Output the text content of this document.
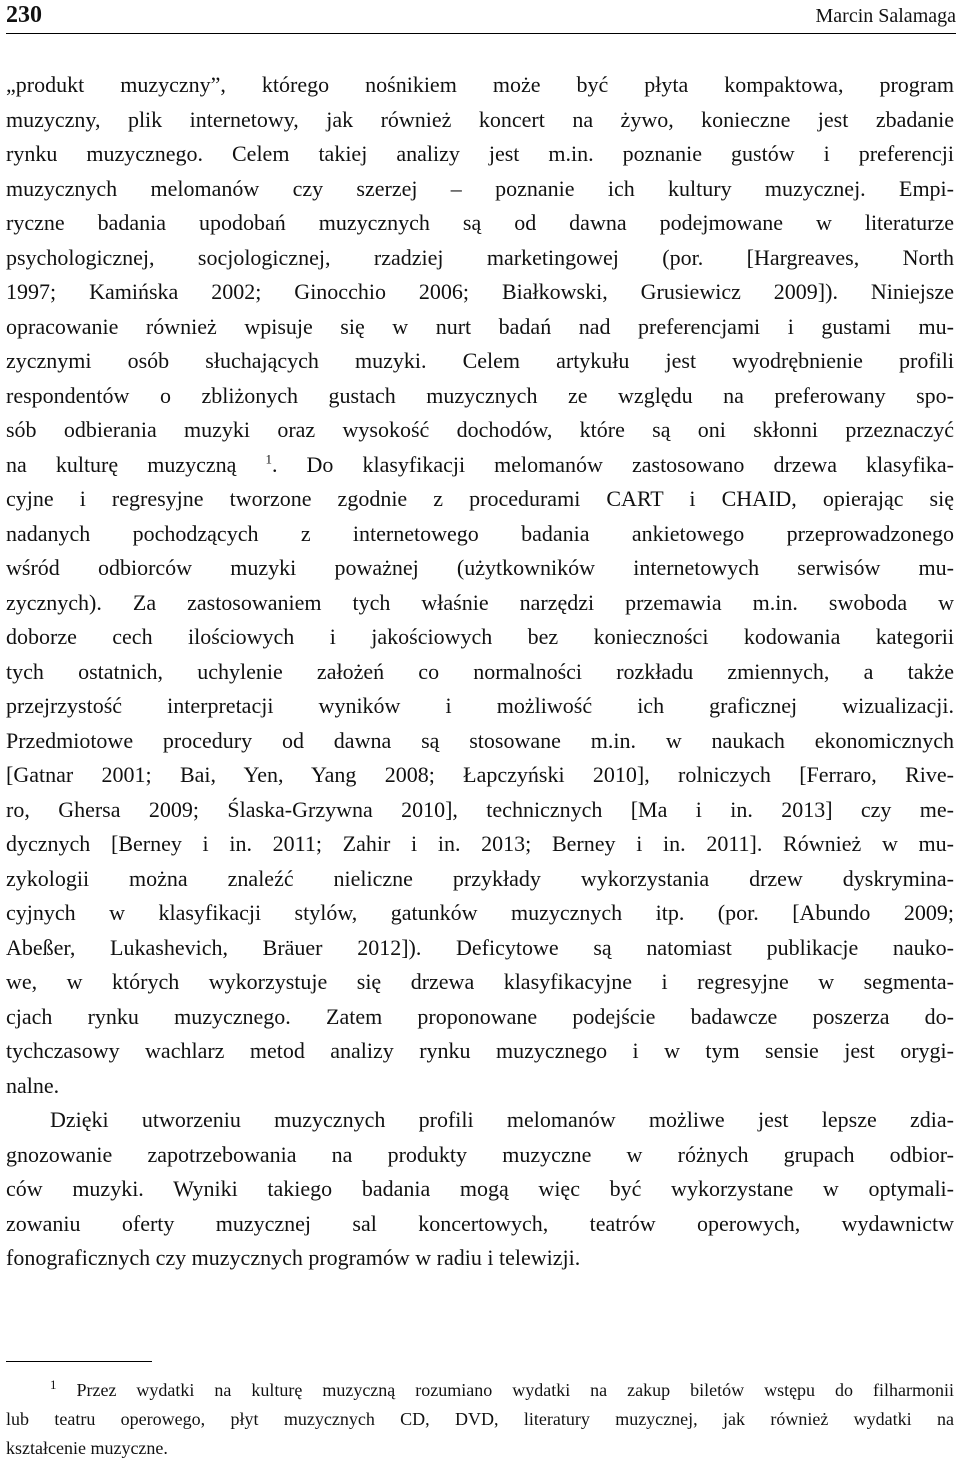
230	Marcin Salamaga

„produkt muzyczny”, którego nośnikiem może być płyta kompaktowa, program
muzyczny, plik internetowy, jak również koncert na żywo, konieczne jest zbadanie
rynku muzycznego. Celem takiej analizy jest m.in. poznanie gustów i preferencji
muzycznych melomanów czy szerzej – poznanie ich kultury muzycznej. Empi-
ryczne badania upodobań muzycznych są od dawna podejmowane w literaturze
psychologicznej, socjologicznej, rzadziej marketingowej (por. [Hargreaves, North
1997; Kamińska 2002; Ginocchio 2006; Białkowski, Grusiewicz 2009]). Niniejsze
opracowanie również wpisuje się w nurt badań nad preferencjami i gustami mu-
zycznymi osób słuchających muzyki. Celem artykułu jest wyodrębnienie profili
respondentów o zbliżonych gustach muzycznych ze względu na preferowany spo-
sób odbierania muzyki oraz wysokość dochodów, które są oni skłonni przeznaczyć
na kulturę muzyczną $^1$. Do klasyfikacji melomanów zastosowano drzewa klasyfika-
cyjne i regresyjne tworzone zgodnie z procedurami CART i CHAID, opierając się
nadanych pochodzących z internetowego badania ankietowego przeprowadzonego
wśród odbiorców muzyki poważnej (użytkowników internetowych serwisów mu-
zycznych). Za zastosowaniem tych właśnie narzędzi przemawia m.in. swoboda w
doborze cech ilościowych i jakościowych bez konieczności kodowania kategorii
tych ostatnich, uchylenie założeń co normalności rozkładu zmiennych, a także
przejrzystość interpretacji wyników i możliwość ich graficznej wizualizacji.
Przedmiotowe procedury od dawna są stosowane m.in. w naukach ekonomicznych
[Gatnar 2001; Bai, Yen, Yang 2008; Łapczyński 2010], rolniczych [Ferraro, Rive-
ro, Ghersa 2009; Ślaska-Grzywna 2010], technicznych [Ma i in. 2013] czy me-
dycznych [Berney i in. 2011; Zahir i in. 2013; Berney i in. 2011]. Również w mu-
zykologii można znaleźć nieliczne przykłady wykorzystania drzew dyskrymina-
cyjnych w klasyfikacji stylów, gatunków muzycznych itp. (por. [Abundo 2009;
Abeßer, Lukashevich, Bräuer 2012]). Deficytowe są natomiast publikacje nauko-
we, w których wykorzystuje się drzewa klasyfikacyjne i regresyjne w segmenta-
cjach rynku muzycznego. Zatem proponowane podejście badawcze poszerza do-
tychczasowy wachlarz metod analizy rynku muzycznego i w tym sensie jest orygi-
nalne.

Dzięki utworzeniu muzycznych profili melomanów możliwe jest lepsze zdia-
gnozowanie zapotrzebowania na produkty muzyczne w różnych grupach odbior-
ców muzyki. Wyniki takiego badania mogą więc być wykorzystane w optymali-
zowaniu oferty muzycznej sal koncertowych, teatrów operowych, wydawnictw
fonograficznych czy muzycznych programów w radiu i telewizji.

$^1$ Przez wydatki na kulturę muzyczną rozumiano wydatki na zakup biletów wstępu do filharmonii
lub teatru operowego, płyt muzycznych CD, DVD, literatury muzycznej, jak również wydatki na
kształcenie muzyczne.
